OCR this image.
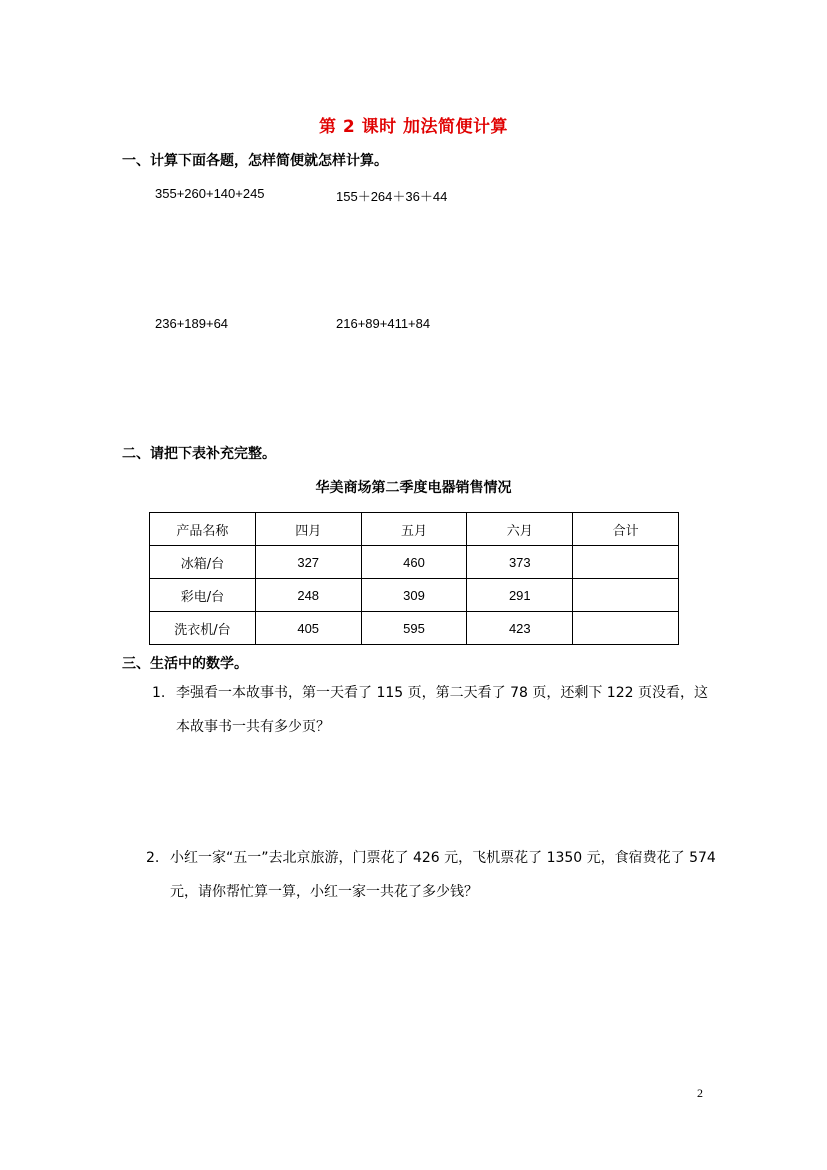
第 2 课时 加法简便计算
一、计算下面各题，怎样简便就怎样计算。
355+260+140+245	155＋264＋36＋44
236+189+64	216+89+411+84
二、请把下表补充完整。
华美商场第二季度电器销售情况
产品名称	四月	五月	六月	合计
冰箱/台	327	460	373	
彩电/台	248	309	291	
洗衣机/台	405	595	423	
三、生活中的数学。
1. 李强看一本故事书，第一天看了 115 页，第二天看了 78 页，还剩下 122 页没看，这
本故事书一共有多少页？
2. 小红一家“五一”去北京旅游，门票花了 426 元，飞机票花了 1350 元，食宿费花了 574
元，请你帮忙算一算，小红一家一共花了多少钱？
2
